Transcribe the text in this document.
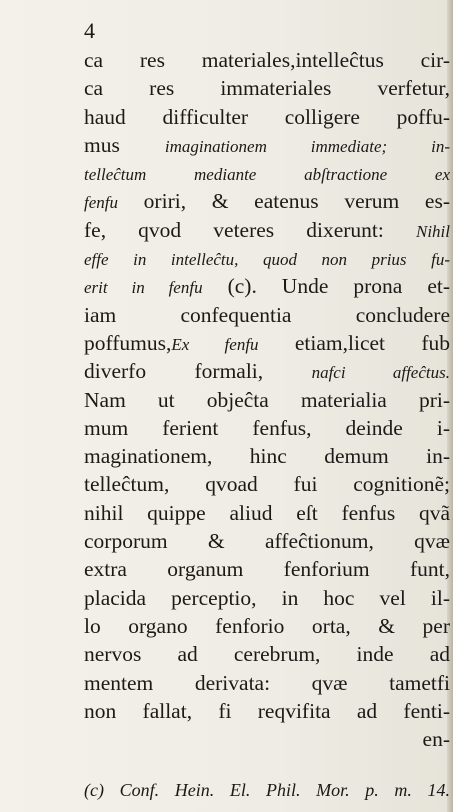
4
ca res materiales,intelleĉtus cir-
ca res immateriales verfetur,
haud difficulter colligere poffu-
mus imaginationem immediate; in-
telleĉtum mediante abſtractione ex
fenfu oriri, & eatenus verum es-
fe, qvod veteres dixerunt: Nihil
effe in intelleĉtu, quod non prius fu-
erit in fenfu (c). Unde prona et-
iam confequentia concludere
poffumus,Ex fenfu etiam,licet fub
diverfo formali, nafci affeĉtus.
Nam ut objeĉta materialia pri-
mum ferient fenfus, deinde i-
maginationem, hinc demum in-
telleĉtum, qvoad fui cognitionẽ;
nihil quippe aliud eſt fenfus qvã
corporum & affeĉtionum, qvæ
extra organum fenforium funt,
placida perceptio, in hoc vel il-
lo organo fenforio orta, & per
nervos ad cerebrum, inde ad
mentem derivata: qvæ tametfi
non fallat, fi reqvifita ad fenti-
en-
(c) Conf. Hein. El. Phil. Mor. p. m. 14.
